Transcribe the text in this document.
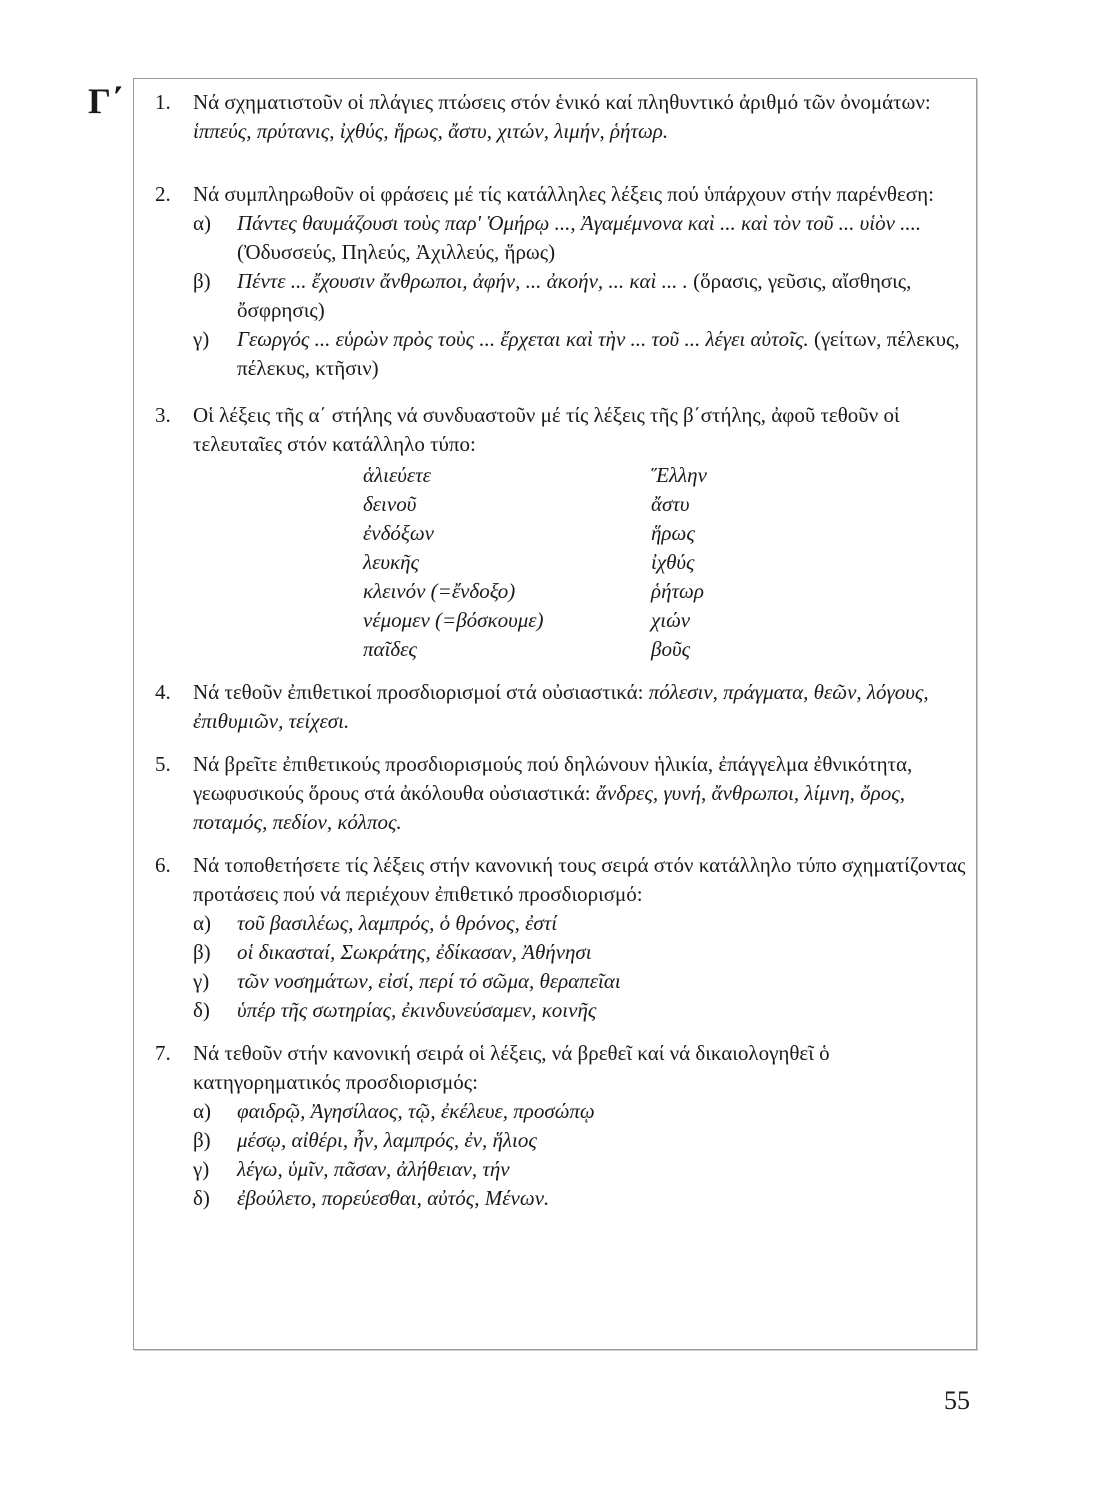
Γ΄ 1. Νά σχηματιστοῦν οἱ πλάγιες πτώσεις στόν ἑνικό καί πληθυντικό ἀριθμό τῶν ὀνομάτων: ἱππεύς, πρύτανις, ἰχθύς, ἥρως, ἄστυ, χιτών, λιμήν, ῥήτωρ.
2. Νά συμπληρωθοῦν οἱ φράσεις μέ τίς κατάλληλες λέξεις πού ὑπάρχουν στήν παρένθεση:
α) Πάντες θαυμάζουσι τοὺς παρ' Ὁμήρῳ ..., Ἀγαμέμνονα καὶ ... καὶ τὸν τοῦ ... υἱὸν .... (Ὀδυσσεύς, Πηλεύς, Ἀχιλλεύς, ἥρως)
β) Πέντε ... ἔχουσιν ἄνθρωποι, ἀφήν, ... ἀκοήν, ... καὶ ... . (ὅρασις, γεῦσις, αἴσθησις, ὄσφρησις)
γ) Γεωργός ... εὑρὼν πρὸς τοὺς ... ἔρχεται καὶ τὴν ... τοῦ ... λέγει αὐτοῖς. (γείτων, πέλεκυς, πέλεκυς, κτῆσιν)
3. Οἱ λέξεις τῆς α΄ στήλης νά συνδυαστοῦν μέ τίς λέξεις τῆς β΄στήλης, ἀφοῦ τεθοῦν οἱ τελευταῖες στόν κατάλληλο τύπο:
ἁλιεύετε
δεινοῦ
ἐνδόξων
λευκῆς
κλεινόν (=ἔνδοξο)
νέμομεν (=βόσκουμε)
παῖδες
Ἕλλην
ἄστυ
ἥρως
ἰχθύς
ῥήτωρ
χιών
βοῦς
4. Νά τεθοῦν ἐπιθετικοί προσδιορισμοί στά οὐσιαστικά: πόλεσιν, πράγματα, θεῶν, λόγους, ἐπιθυμιῶν, τείχεσι.
5. Νά βρεῖτε ἐπιθετικούς προσδιορισμούς πού δηλώνουν ἡλικία, ἐπάγγελμα ἐθνικότητα, γεωφυσικούς ὅρους στά ἀκόλουθα οὐσιαστικά: ἄνδρες, γυνή, ἄνθρωποι, λίμνη, ὄρος, ποταμός, πεδίον, κόλπος.
6. Νά τοποθετήσετε τίς λέξεις στήν κανονική τους σειρά στόν κατάλληλο τύπο σχηματίζοντας προτάσεις πού νά περιέχουν ἐπιθετικό προσδιορισμό:
α) τοῦ βασιλέως, λαμπρός, ὁ θρόνος, ἐστί
β) οἱ δικασταί, Σωκράτης, ἐδίκασαν, Ἀθήνησι
γ) τῶν νοσημάτων, εἰσί, περί τό σῶμα, θεραπεῖαι
δ) ὑπέρ τῆς σωτηρίας, ἐκινδυνεύσαμεν, κοινῆς
7. Νά τεθοῦν στήν κανονική σειρά οἱ λέξεις, νά βρεθεῖ καί νά δικαιολογηθεῖ ὁ κατηγορηματικός προσδιορισμός:
α) φαιδρῷ, Ἀγησίλαος, τῷ, ἐκέλευε, προσώπῳ
β) μέσῳ, αἰθέρι, ἦν, λαμπρός, ἐν, ἥλιος
γ) λέγω, ὑμῖν, πᾶσαν, ἀλήθειαν, τήν
δ) ἐβούλετο, πορεύεσθαι, αὐτός, Μένων.
55
